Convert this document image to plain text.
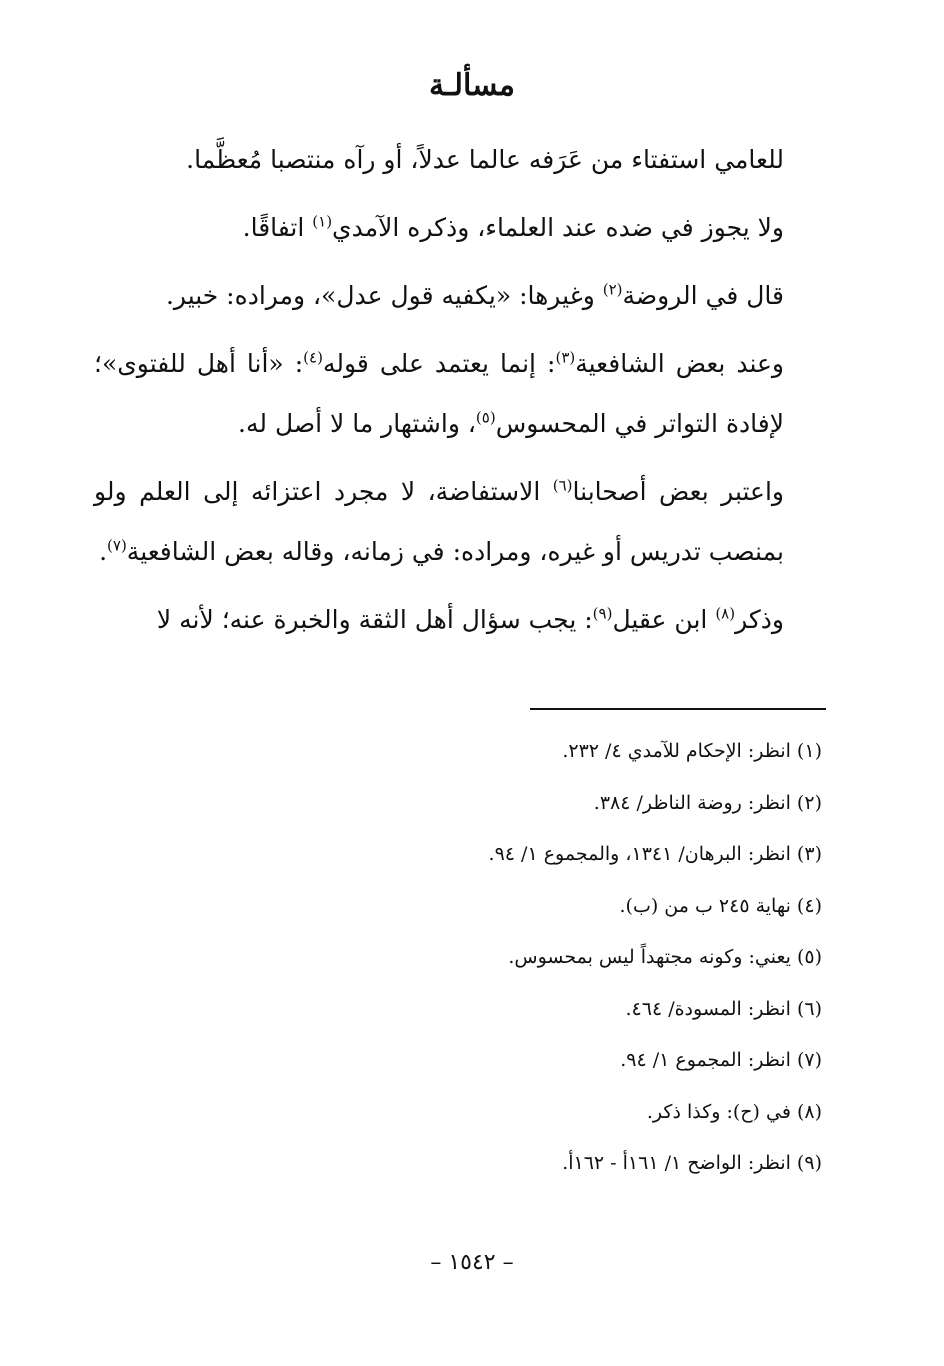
مسألـة

للعامي استفتاء من عَرَفه عالما عدلاً، أو رآه منتصبا مُعظَّما.

ولا يجوز في ضده عند العلماء، وذكره الآمدي$^{(١)}$ اتفاقًا.

قال في الروضة$^{(٢)}$ وغيرها: «يكفيه قول عدل»، ومراده: خبير.

وعند بعض الشافعية$^{(٣)}$: إنما يعتمد على قوله$^{(٤)}$: «أنا أهل للفتوى»؛ لإفادة التواتر في المحسوس$^{(٥)}$، واشتهار ما لا أصل له.

واعتبر بعض أصحابنا$^{(٦)}$ الاستفاضة، لا مجرد اعتزائه إلى العلم ولو بمنصب تدريس أو غيره، ومراده: في زمانه، وقاله بعض الشافعية$^{(٧)}$.

وذكر$^{(٨)}$ ابن عقيل$^{(٩)}$: يجب سؤال أهل الثقة والخبرة عنه؛ لأنه لا

(١) انظر: الإحكام للآمدي ٤/ ٢٣٢.
(٢) انظر: روضة الناظر/ ٣٨٤.
(٣) انظر: البرهان/ ١٣٤١، والمجموع ١/ ٩٤.
(٤) نهاية ٢٤٥ ب من (ب).
(٥) يعني: وكونه مجتهداً ليس بمحسوس.
(٦) انظر: المسودة/ ٤٦٤.
(٧) انظر: المجموع ١/ ٩٤.
(٨) في (ح): وكذا ذكر.
(٩) انظر: الواضح ١/ ١٦١أ - ١٦٢أ.
– ١٥٤٢ –
